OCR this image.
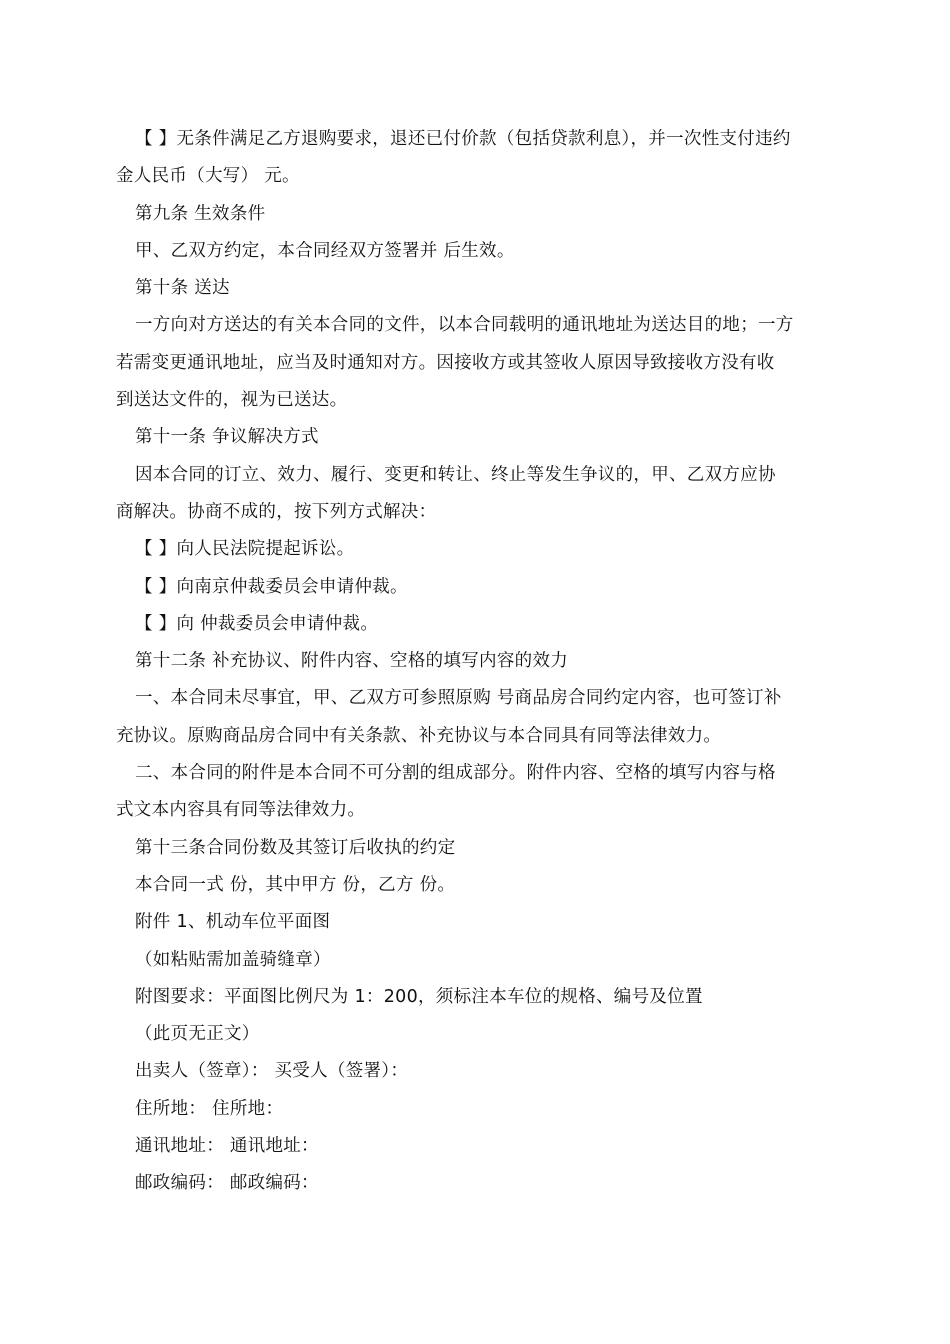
【 】无条件满足乙方退购要求，退还已付价款（包括贷款利息），并一次性支付违约
金人民币（大写） 元。
第九条 生效条件
甲、乙双方约定，本合同经双方签署并 后生效。
第十条 送达
一方向对方送达的有关本合同的文件，以本合同载明的通讯地址为送达目的地；一方
若需变更通讯地址，应当及时通知对方。因接收方或其签收人原因导致接收方没有收
到送达文件的，视为已送达。
第十一条 争议解决方式
因本合同的订立、效力、履行、变更和转让、终止等发生争议的，甲、乙双方应协
商解决。协商不成的，按下列方式解决：
【 】向人民法院提起诉讼。
【 】向南京仲裁委员会申请仲裁。
【 】向 仲裁委员会申请仲裁。
第十二条 补充协议、附件内容、空格的填写内容的效力
一、本合同未尽事宜，甲、乙双方可参照原购 号商品房合同约定内容，也可签订补
充协议。原购商品房合同中有关条款、补充协议与本合同具有同等法律效力。
二、本合同的附件是本合同不可分割的组成部分。附件内容、空格的填写内容与格
式文本内容具有同等法律效力。
第十三条合同份数及其签订后收执的约定
本合同一式 份，其中甲方 份，乙方 份。
附件 1、机动车位平面图
（如粘贴需加盖骑缝章）
附图要求：平面图比例尺为 1：200，须标注本车位的规格、编号及位置
（此页无正文）
出卖人（签章）： 买受人（签署）：
住所地： 住所地：
通讯地址： 通讯地址：
邮政编码： 邮政编码：
